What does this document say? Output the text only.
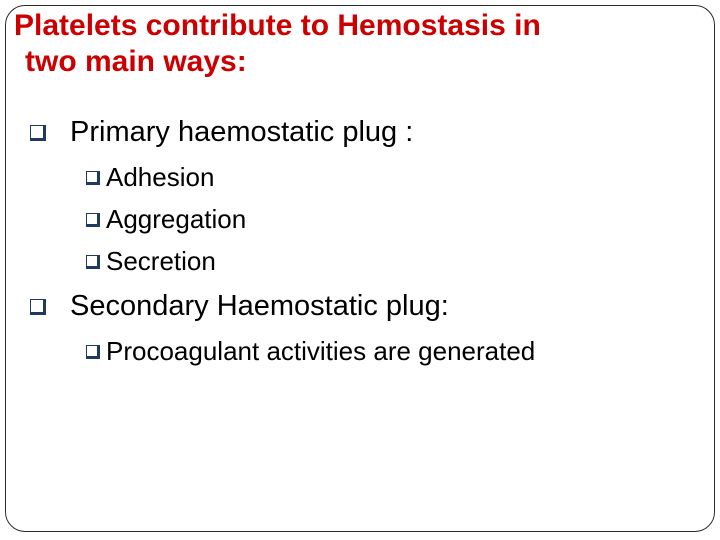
Platelets contribute to Hemostasis in
two main ways:
Primary haemostatic plug :
Adhesion
Aggregation
Secretion
Secondary Haemostatic plug:
Procoagulant activities are generated
